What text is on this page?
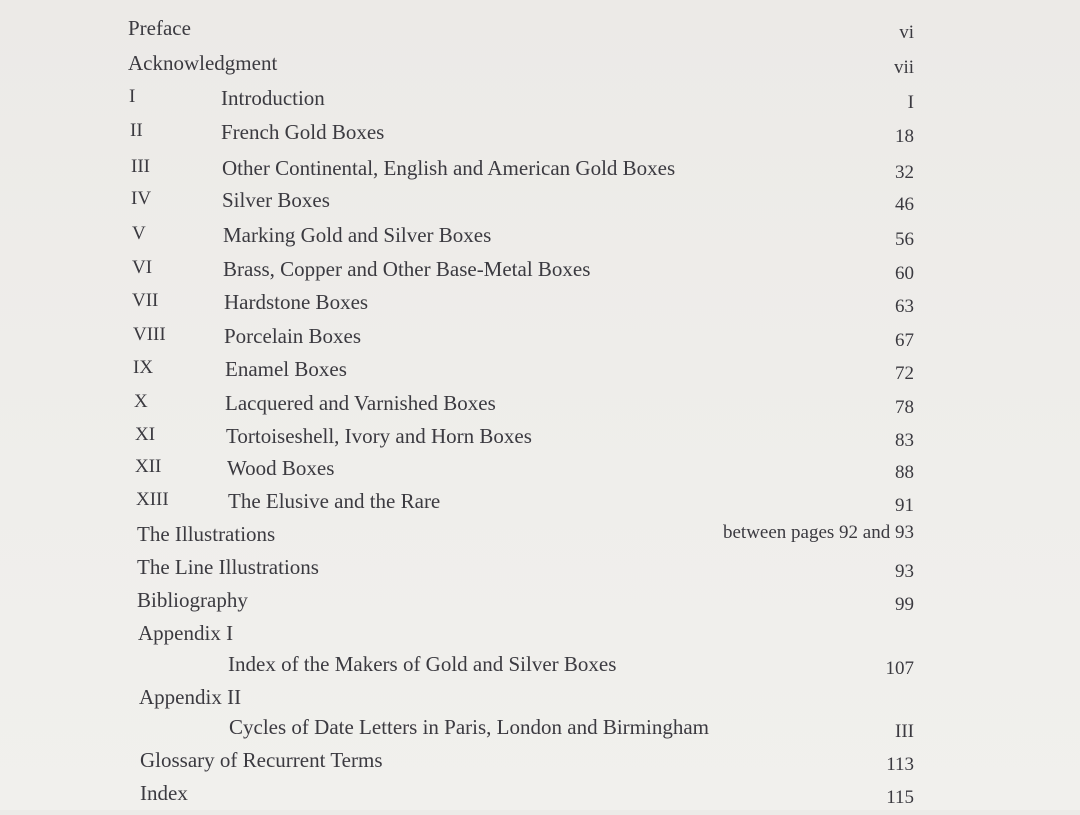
Preface	vi
Acknowledgment	vii
I	Introduction	I
II	French Gold Boxes	18
III	Other Continental, English and American Gold Boxes	32
IV	Silver Boxes	46
V	Marking Gold and Silver Boxes	56
VI	Brass, Copper and Other Base-Metal Boxes	60
VII	Hardstone Boxes	63
VIII	Porcelain Boxes	67
IX	Enamel Boxes	72
X	Lacquered and Varnished Boxes	78
XI	Tortoiseshell, Ivory and Horn Boxes	83
XII	Wood Boxes	88
XIII	The Elusive and the Rare	91
The Illustrations	between pages 92 and 93
The Line Illustrations	93
Bibliography	99
Appendix I
Index of the Makers of Gold and Silver Boxes	107
Appendix II
Cycles of Date Letters in Paris, London and Birmingham	III
Glossary of Recurrent Terms	113
Index	115
